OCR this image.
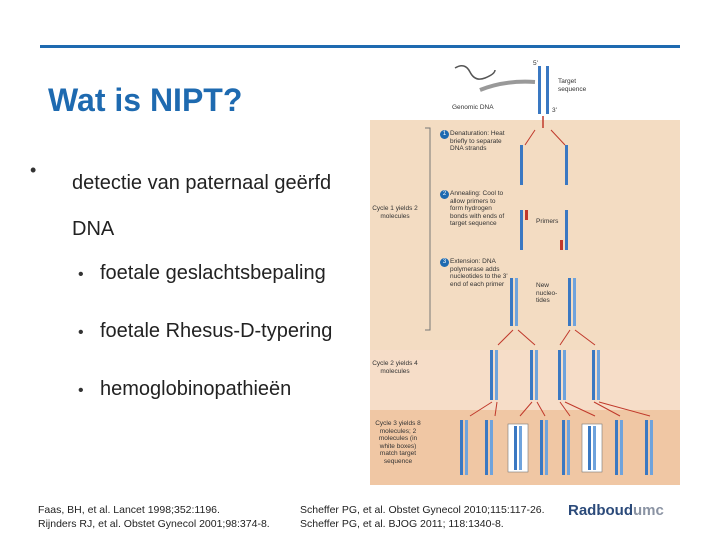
Wat is NIPT?
•
detectie van paternaal geërfd DNA
• foetale geslachtsbepaling
• foetale Rhesus-D-typering
• hemoglobinopathieën
Genomic DNA
Target sequence
5'
3'
1 Denaturation: Heat briefly to separate DNA strands
2 Annealing: Cool to allow primers to form hydrogen bonds with ends of target sequence
3 Extension: DNA polymerase adds nucleotides to the 3' end of each primer
Primers
New nucleo-tides
Cycle 1 yields 2 molecules
Cycle 2 yields 4 molecules
Cycle 3 yields 8 molecules; 2 molecules (in white boxes) match target sequence
Faas, BH, et al. Lancet 1998;352:1196.
Rijnders RJ, et al. Obstet Gynecol 2001;98:374-8.
Scheffer PG, et al. Obstet Gynecol 2010;115:117-26.
Scheffer PG, et al. BJOG 2011; 118:1340-8.
Radboudumc
